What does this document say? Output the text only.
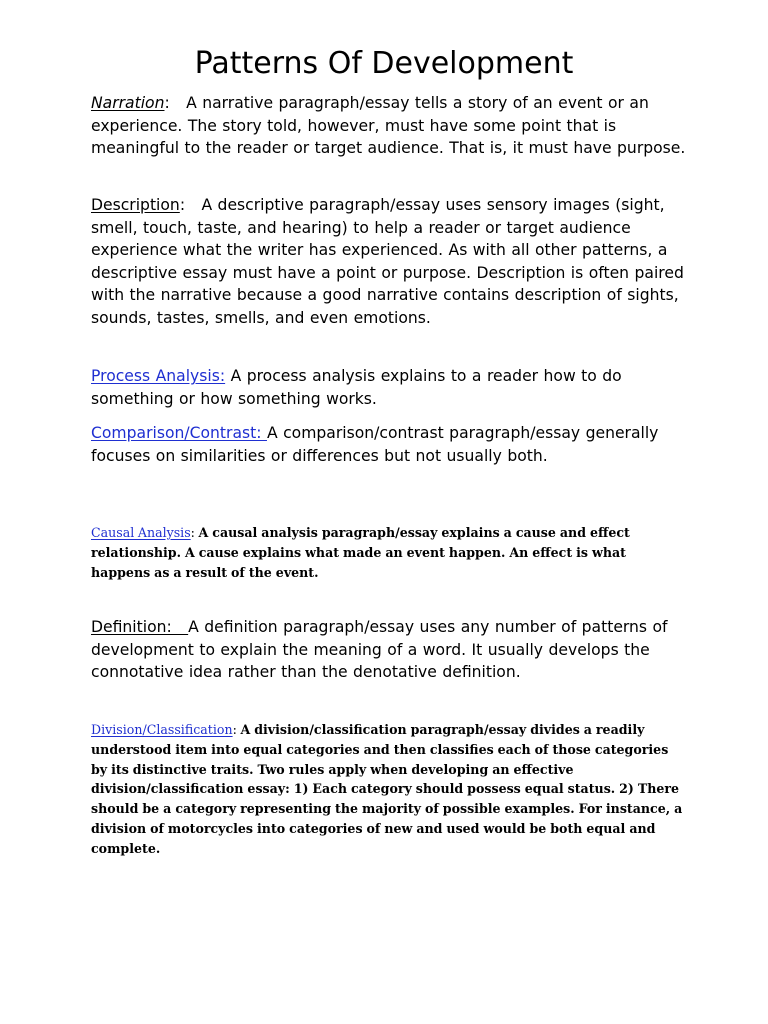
Patterns Of Development

Narration:   A narrative paragraph/essay tells a story of an event or an experience. The story told, however, must have some point that is meaningful to the reader or target audience. That is, it must have purpose.

Description:   A descriptive paragraph/essay uses sensory images (sight, smell, touch, taste, and hearing) to help a reader or target audience experience what the writer has experienced. As with all other patterns, a descriptive essay must have a point or purpose. Description is often paired with the narrative because a good narrative contains description of sights, sounds, tastes, smells, and even emotions.

Process Analysis: A process analysis explains to a reader how to do something or how something works.

Comparison/Contrast: A comparison/contrast paragraph/essay generally focuses on similarities or differences but not usually both.

Causal Analysis: A causal analysis paragraph/essay explains a cause and effect relationship. A cause explains what made an event happen. An effect is what happens as a result of the event.

Definition:   A definition paragraph/essay uses any number of patterns of development to explain the meaning of a word. It usually develops the connotative idea rather than the denotative definition.

Division/Classification: A division/classification paragraph/essay divides a readily understood item into equal categories and then classifies each of those categories by its distinctive traits. Two rules apply when developing an effective division/classification essay: 1) Each category should possess equal status. 2) There should be a category representing the majority of possible examples. For instance, a division of motorcycles into categories of new and used would be both equal and complete.
